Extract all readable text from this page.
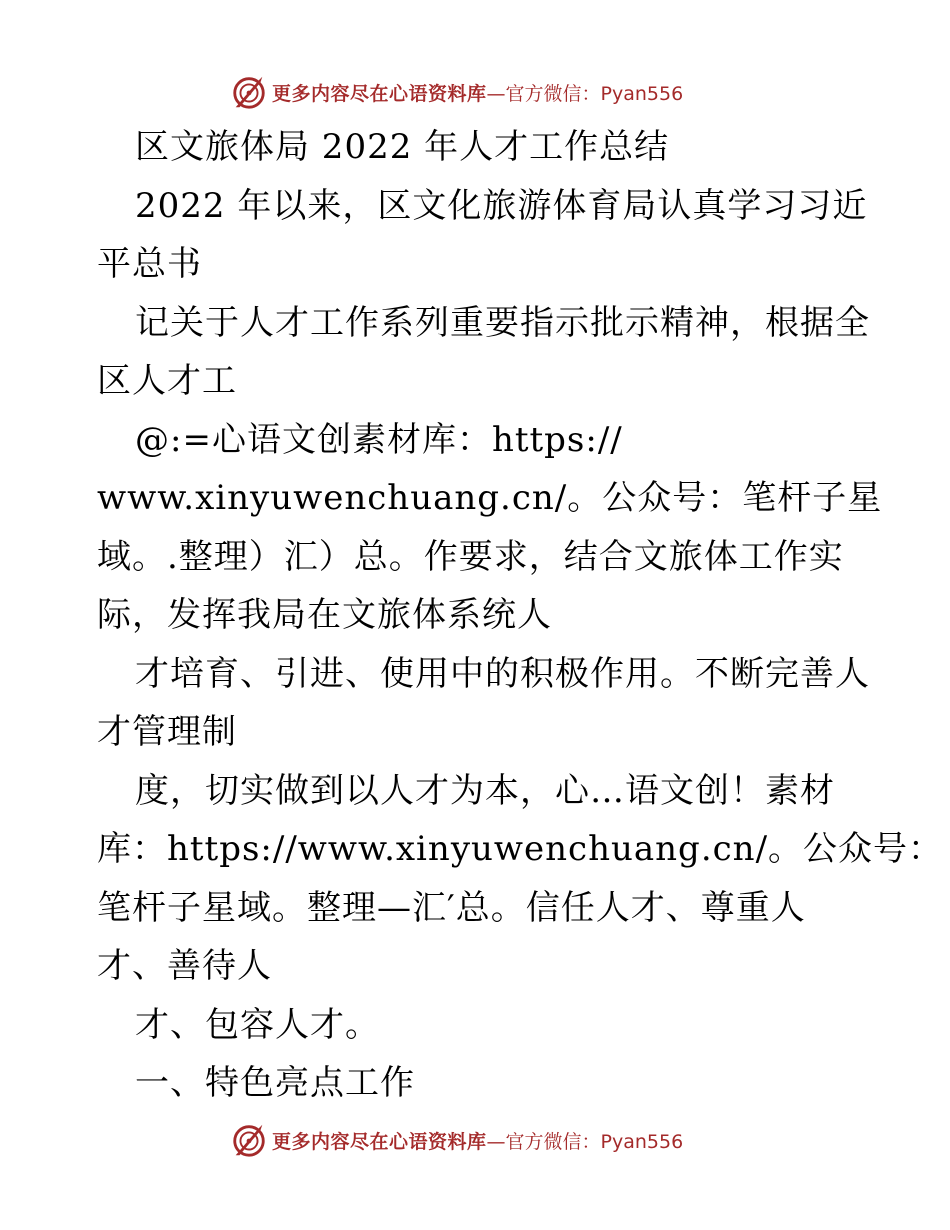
更多内容尽在心语资料库 —官方微信：Pyan556
区文旅体局 2022 年人才工作总结
2022 年以来，区文化旅游体育局认真学习习近
平总书
记关于人才工作系列重要指示批示精神，根据全
区人才工
@:=心语文创素材库：https://
www.xinyuwenchuang.cn/。公众号：笔杆子星
域。.整理）汇）总。作要求，结合文旅体工作实
际，发挥我局在文旅体系统人
才培育、引进、使用中的积极作用。不断完善人
才管理制
度，切实做到以人才为本，心…语文创！素材
库：https://www.xinyuwenchuang.cn/。公众号：
笔杆子星域。整理—汇′总。信任人才、尊重人
才、善待人
才、包容人才。
一、特色亮点工作
更多内容尽在心语资料库 —官方微信：Pyan556
